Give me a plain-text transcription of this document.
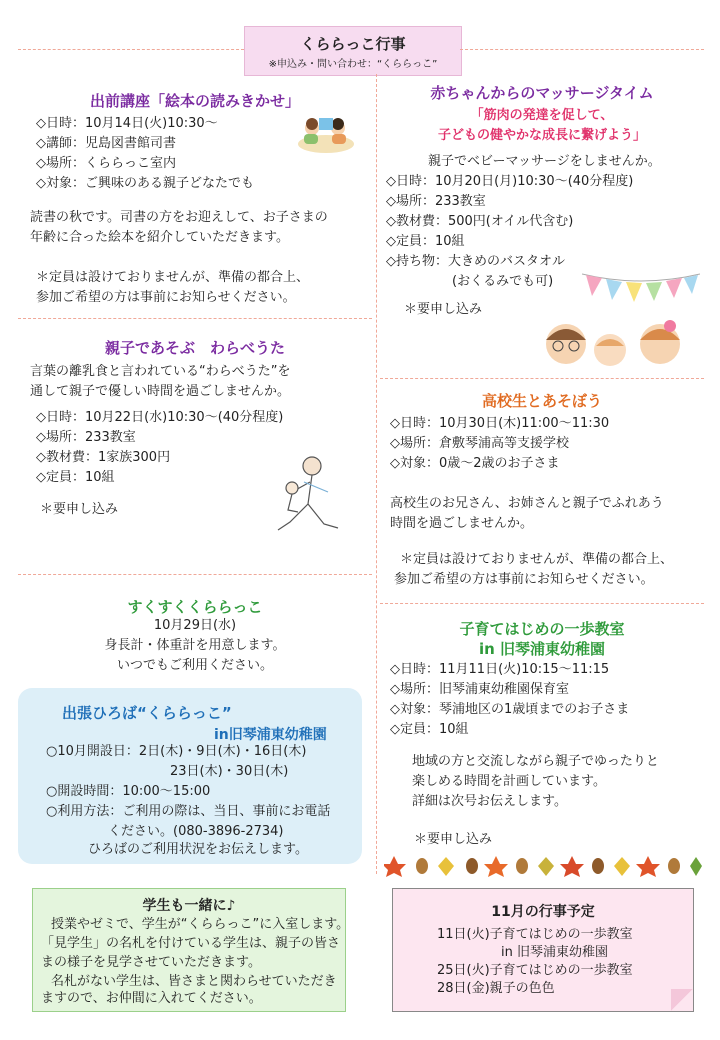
くららっこ行事
※申込み・問い合わせ：“くららっこ”
出前講座「絵本の読みきかせ」
◇日時：10月14日(火)10:30～
◇講師：児島図書館司書
◇場所：くららっこ室内
◇対象：ご興味のある親子どなたでも
読書の秋です。司書の方をお迎えして、お子さまの
年齢に合った絵本を紹介していただきます。
＊定員は設けておりませんが、準備の都合上、
参加ご希望の方は事前にお知らせください。
親子であそぶ　わらべうた
言葉の離乳食と言われている“わらべうた”を
通して親子で優しい時間を過ごしませんか。
◇日時：10月22日(水)10:30～(40分程度)
◇場所：233教室
◇教材費：1家族300円
◇定員：10組
＊要申し込み
すくすくくららっこ
10月29日(水)
身長計・体重計を用意します。
いつでもご利用ください。
出張ひろば“くららっこ”
in旧琴浦東幼稚園
○10月開設日：2日(木)・9日(木)・16日(木)
23日(木)・30日(木)
○開設時間：10:00～15:00
○利用方法：ご利用の際は、当日、事前にお電話
ください。(080-3896-2734)
ひろばのご利用状況をお伝えします。
学生も一緒に♪
授業やゼミで、学生が“くららっこ”に入室します。
「見学生」の名札を付けている学生は、親子の皆さ
まの様子を見学させていただきます。
名札がない学生は、皆さまと関わらせていただき
ますので、お仲間に入れてください。
赤ちゃんからのマッサージタイム
「筋肉の発達を促して、
子どもの健やかな成長に繋げよう」
親子でベビーマッサージをしませんか。
◇日時：10月20日(月)10:30～(40分程度)
◇場所：233教室
◇教材費：500円(オイル代含む)
◇定員：10組
◇持ち物：大きめのバスタオル
(おくるみでも可)
＊要申し込み
高校生とあそぼう
◇日時：10月30日(木)11:00～11:30
◇場所：倉敷琴浦高等支援学校
◇対象：0歳～2歳のお子さま
高校生のお兄さん、お姉さんと親子でふれあう
時間を過ごしませんか。
＊定員は設けておりませんが、準備の都合上、
参加ご希望の方は事前にお知らせください。
子育てはじめの一歩教室
in 旧琴浦東幼稚園
◇日時：11月11日(火)10:15～11:15
◇場所：旧琴浦東幼稚園保育室
◇対象：琴浦地区の1歳頃までのお子さま
◇定員：10組
地域の方と交流しながら親子でゆったりと
楽しめる時間を計画しています。
詳細は次号お伝えします。
＊要申し込み
11月の行事予定
11日(火)子育てはじめの一歩教室
in 旧琴浦東幼稚園
25日(火)子育てはじめの一歩教室
28日(金)親子の色色
